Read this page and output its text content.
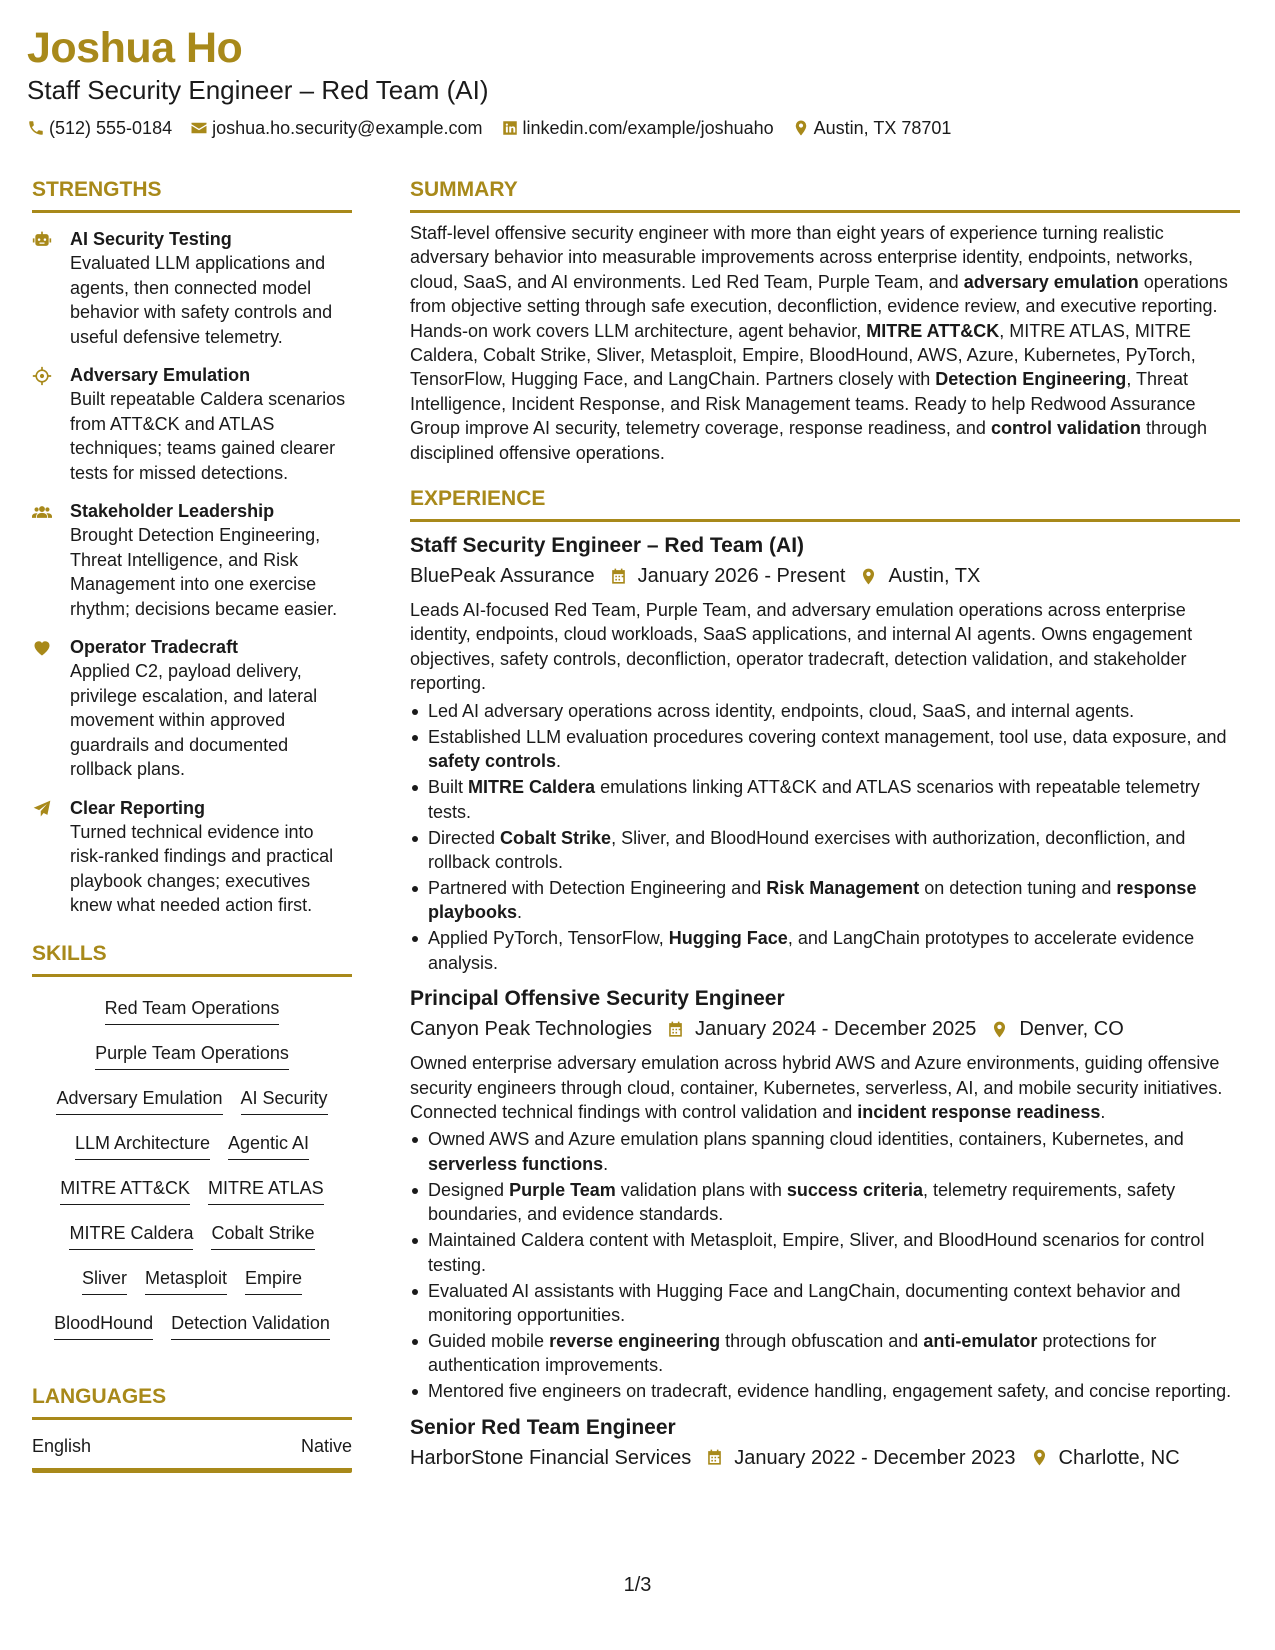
Joshua Ho
Staff Security Engineer – Red Team (AI)
(512) 555-0184 joshua.ho.security@example.com linkedin.com/example/joshuaho Austin, TX 78701
STRENGTHS
AI Security Testing
Evaluated LLM applications and agents, then connected model behavior with safety controls and useful defensive telemetry.
Adversary Emulation
Built repeatable Caldera scenarios from ATT&CK and ATLAS techniques; teams gained clearer tests for missed detections.
Stakeholder Leadership
Brought Detection Engineering, Threat Intelligence, and Risk Management into one exercise rhythm; decisions became easier.
Operator Tradecraft
Applied C2, payload delivery, privilege escalation, and lateral movement within approved guardrails and documented rollback plans.
Clear Reporting
Turned technical evidence into risk-ranked findings and practical playbook changes; executives knew what needed action first.
SKILLS
Red Team Operations
Purple Team Operations
Adversary Emulation AI Security
LLM Architecture Agentic AI
MITRE ATT&CK MITRE ATLAS
MITRE Caldera Cobalt Strike
Sliver Metasploit Empire
BloodHound Detection Validation
LANGUAGES
English	Native
SUMMARY
Staff-level offensive security engineer with more than eight years of experience turning realistic adversary behavior into measurable improvements across enterprise identity, endpoints, networks, cloud, SaaS, and AI environments. Led Red Team, Purple Team, and adversary emulation operations from objective setting through safe execution, deconfliction, evidence review, and executive reporting. Hands-on work covers LLM architecture, agent behavior, MITRE ATT&CK, MITRE ATLAS, MITRE Caldera, Cobalt Strike, Sliver, Metasploit, Empire, BloodHound, AWS, Azure, Kubernetes, PyTorch, TensorFlow, Hugging Face, and LangChain. Partners closely with Detection Engineering, Threat Intelligence, Incident Response, and Risk Management teams. Ready to help Redwood Assurance Group improve AI security, telemetry coverage, response readiness, and control validation through disciplined offensive operations.
EXPERIENCE
Staff Security Engineer – Red Team (AI)
BluePeak Assurance January 2026 - Present Austin, TX
Leads AI-focused Red Team, Purple Team, and adversary emulation operations across enterprise identity, endpoints, cloud workloads, SaaS applications, and internal AI agents. Owns engagement objectives, safety controls, deconfliction, operator tradecraft, detection validation, and stakeholder reporting.
Led AI adversary operations across identity, endpoints, cloud, SaaS, and internal agents.
Established LLM evaluation procedures covering context management, tool use, data exposure, and safety controls.
Built MITRE Caldera emulations linking ATT&CK and ATLAS scenarios with repeatable telemetry tests.
Directed Cobalt Strike, Sliver, and BloodHound exercises with authorization, deconfliction, and rollback controls.
Partnered with Detection Engineering and Risk Management on detection tuning and response playbooks.
Applied PyTorch, TensorFlow, Hugging Face, and LangChain prototypes to accelerate evidence analysis.
Principal Offensive Security Engineer
Canyon Peak Technologies January 2024 - December 2025 Denver, CO
Owned enterprise adversary emulation across hybrid AWS and Azure environments, guiding offensive security engineers through cloud, container, Kubernetes, serverless, AI, and mobile security initiatives. Connected technical findings with control validation and incident response readiness.
Owned AWS and Azure emulation plans spanning cloud identities, containers, Kubernetes, and serverless functions.
Designed Purple Team validation plans with success criteria, telemetry requirements, safety boundaries, and evidence standards.
Maintained Caldera content with Metasploit, Empire, Sliver, and BloodHound scenarios for control testing.
Evaluated AI assistants with Hugging Face and LangChain, documenting context behavior and monitoring opportunities.
Guided mobile reverse engineering through obfuscation and anti-emulator protections for authentication improvements.
Mentored five engineers on tradecraft, evidence handling, engagement safety, and concise reporting.
Senior Red Team Engineer
HarborStone Financial Services January 2022 - December 2023 Charlotte, NC
1/3
